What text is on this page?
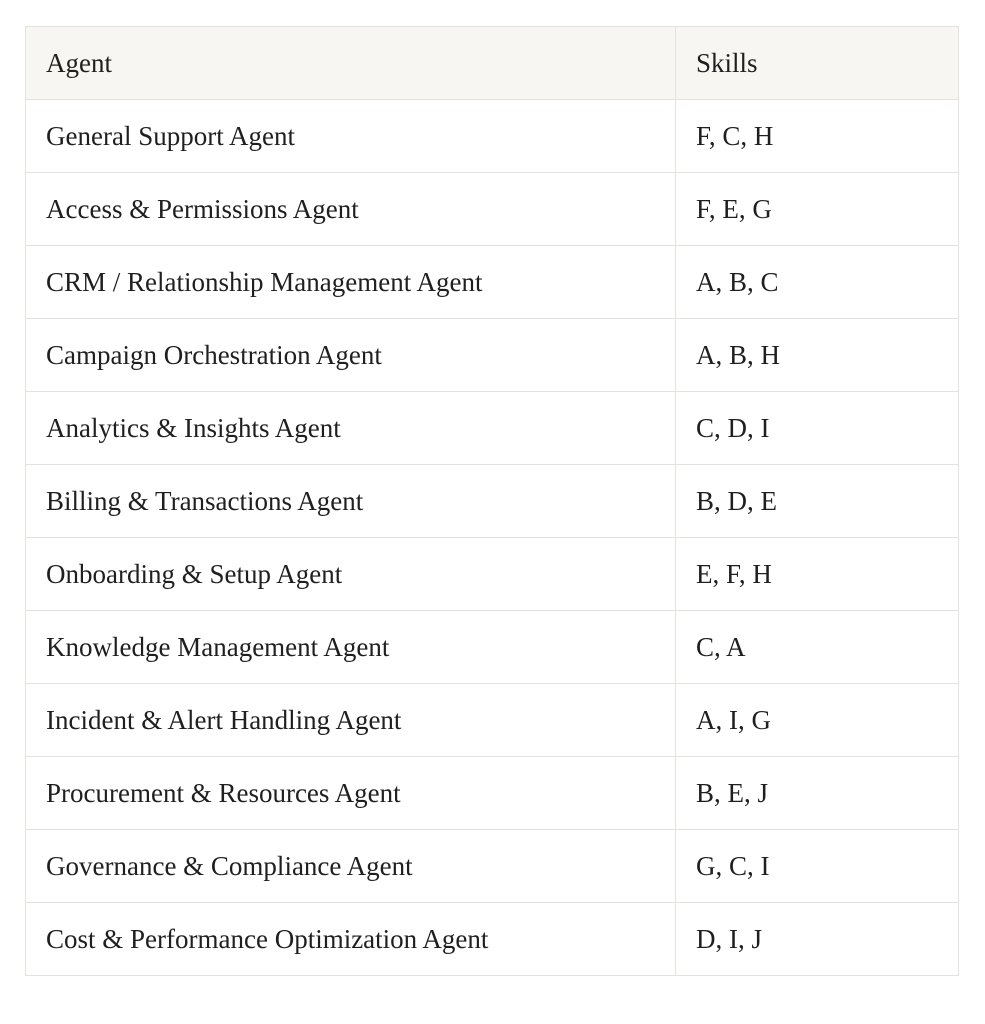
Agent	Skills
General Support Agent	F, C, H
Access & Permissions Agent	F, E, G
CRM / Relationship Management Agent	A, B, C
Campaign Orchestration Agent	A, B, H
Analytics & Insights Agent	C, D, I
Billing & Transactions Agent	B, D, E
Onboarding & Setup Agent	E, F, H
Knowledge Management Agent	C, A
Incident & Alert Handling Agent	A, I, G
Procurement & Resources Agent	B, E, J
Governance & Compliance Agent	G, C, I
Cost & Performance Optimization Agent	D, I, J
